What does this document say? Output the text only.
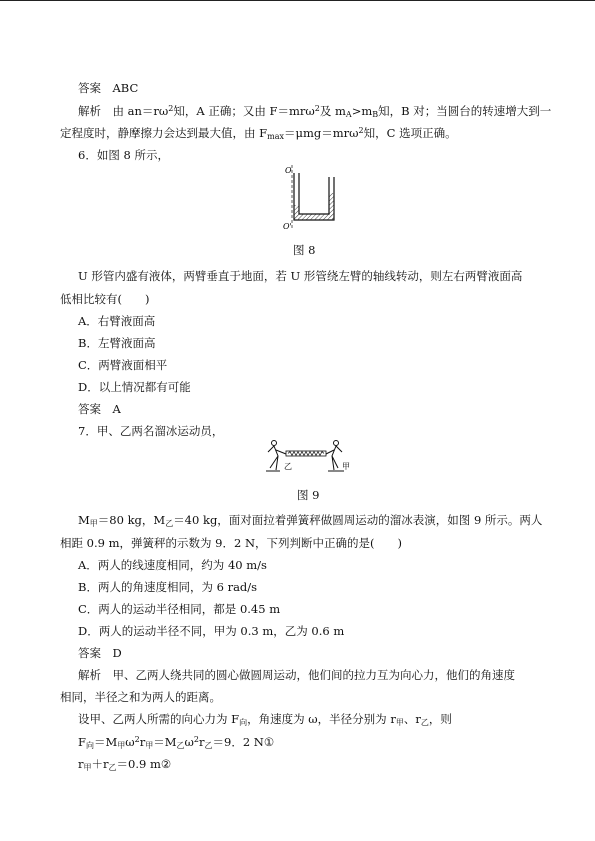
答案　ABC
解析　由 $an=r\omega^2$知，A 正确；又由 F＝mrω$^2$及 mA>mB知，B 对；当圆台的转速增大到一
定程度时，静摩擦力会达到最大值，由 Fmax＝μmg＝mrω$^2$知，C 选项正确。
6．如图 8 所示，
O
O'
图 8
U 形管内盛有液体，两臂垂直于地面，若 U 形管绕左臂的轴线转动，则左右两臂液面高
低相比较有(　　)
A．右臂液面高
B．左臂液面高
C．两臂液面相平
D．以上情况都有可能
答案　A
7．甲、乙两名溜冰运动员，
乙	甲
图 9
M甲＝80 kg，M乙＝40 kg，面对面拉着弹簧秤做圆周运动的溜冰表演，如图 9 所示。两人
相距 0.9 m，弹簧秤的示数为 9．2 N，下列判断中正确的是(　　)
A．两人的线速度相同，约为 40 m/s
B．两人的角速度相同，为 6 rad/s
C．两人的运动半径相同，都是 0.45 m
D．两人的运动半径不同，甲为 0.3 m，乙为 0.6 m
答案　D
解析　甲、乙两人绕共同的圆心做圆周运动，他们间的拉力互为向心力，他们的角速度
相同，半径之和为两人的距离。
设甲、乙两人所需的向心力为 F向，角速度为 ω，半径分别为 r甲、r乙，则
F向＝M甲$\omega^2r$甲＝M乙$\omega^2r$乙＝9．2 N①
r甲＋r乙＝0.9 m②
